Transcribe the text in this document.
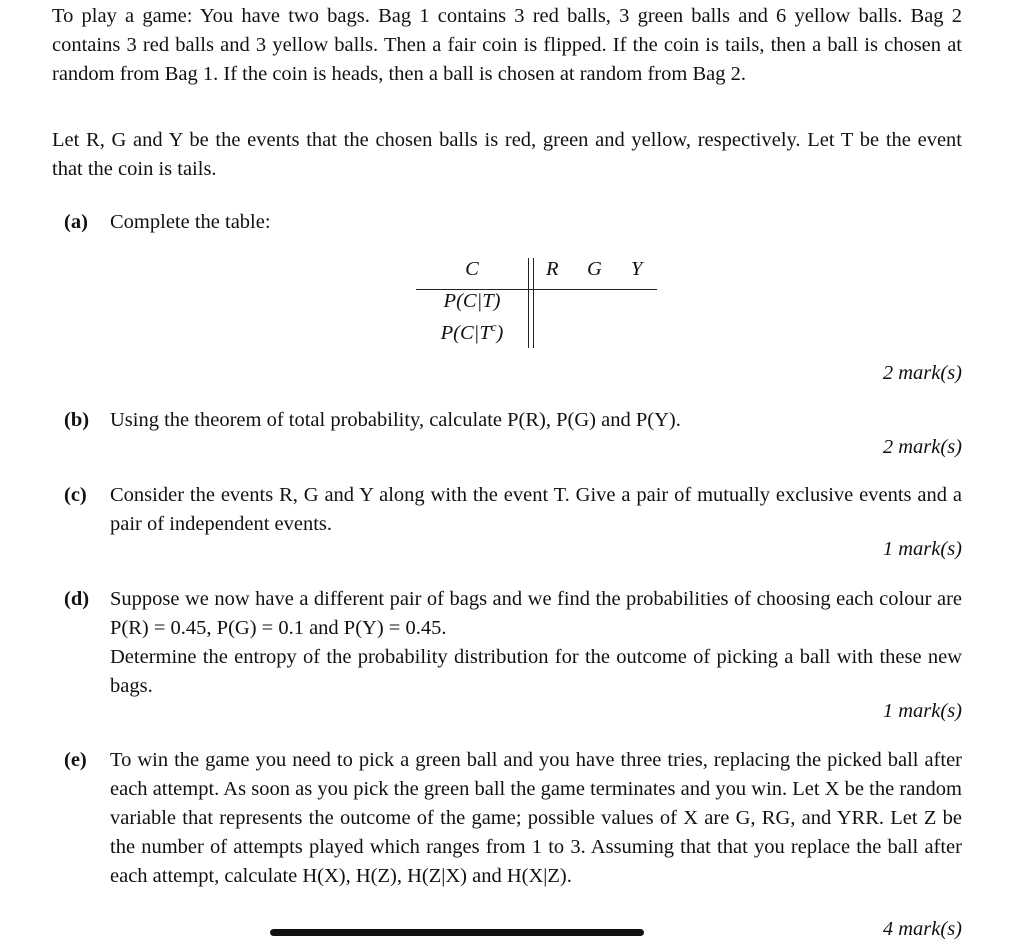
To play a game: You have two bags. Bag 1 contains 3 red balls, 3 green balls and 6 yellow balls. Bag 2 contains 3 red balls and 3 yellow balls. Then a fair coin is flipped. If the coin is tails, then a ball is chosen at random from Bag 1. If the coin is heads, then a ball is chosen at random from Bag 2.
Let R, G and Y be the events that the chosen balls is red, green and yellow, respectively. Let T be the event that the coin is tails.
(a) Complete the table:
C	R G Y
P(C|T)
$P(C|T^c)$
2 mark(s)
(b) Using the theorem of total probability, calculate P(R), P(G) and P(Y).
2 mark(s)
(c) Consider the events R, G and Y along with the event T. Give a pair of mutually exclusive events and a pair of independent events.
1 mark(s)
(d) Suppose we now have a different pair of bags and we find the probabilities of choosing each colour are P(R) = 0.45, P(G) = 0.1 and P(Y) = 0.45.
Determine the entropy of the probability distribution for the outcome of picking a ball with these new bags.
1 mark(s)
(e) To win the game you need to pick a green ball and you have three tries, replacing the picked ball after each attempt. As soon as you pick the green ball the game terminates and you win. Let X be the random variable that represents the outcome of the game; possible values of X are G, RG, and YRR. Let Z be the number of attempts played which ranges from 1 to 3. Assuming that that you replace the ball after each attempt, calculate H(X), H(Z), H(Z|X) and H(X|Z).
4 mark(s)
